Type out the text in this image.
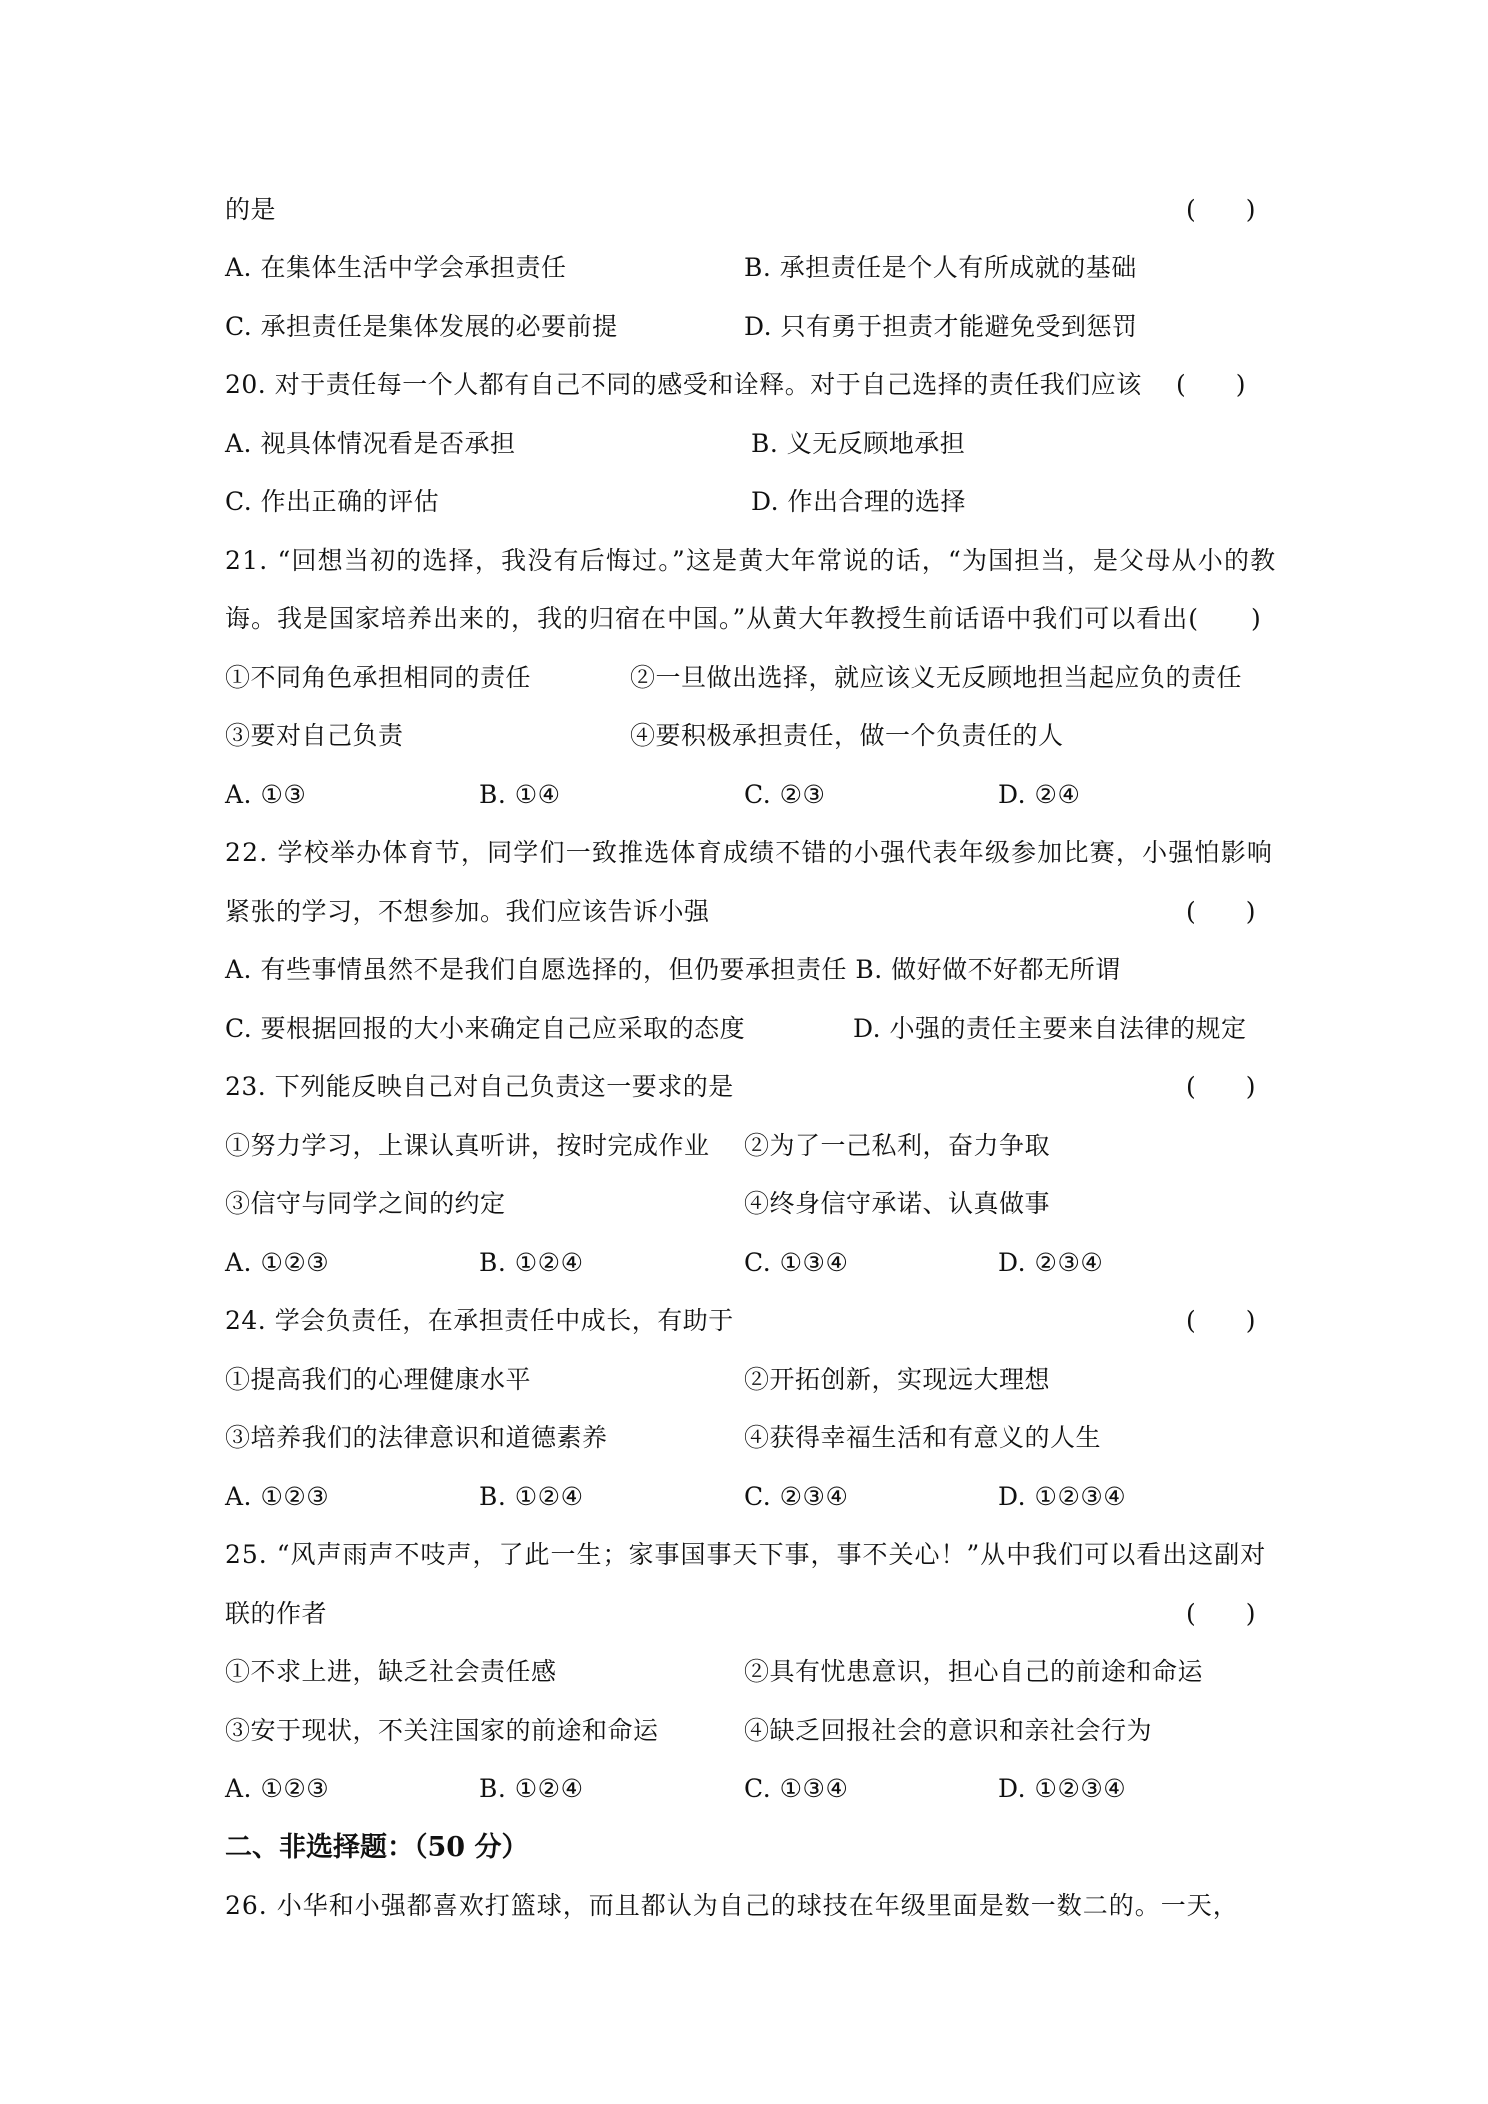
的是	(　　)
A. 在集体生活中学会承担责任	B. 承担责任是个人有所成就的基础
C. 承担责任是集体发展的必要前提	D. 只有勇于担责才能避免受到惩罚
20. 对于责任每一个人都有自己不同的感受和诠释。对于自己选择的责任我们应该 (　　)
A. 视具体情况看是否承担	B. 义无反顾地承担
C. 作出正确的评估	D. 作出合理的选择
21. “回想当初的选择，我没有后悔过。”这是黄大年常说的话，“为国担当，是父母从小的教
诲。我是国家培养出来的，我的归宿在中国。”从黄大年教授生前话语中我们可以看出(　　)
①不同角色承担相同的责任	②一旦做出选择，就应该义无反顾地担当起应负的责任
③要对自己负责	④要积极承担责任，做一个负责任的人
A. ①③	B. ①④	C. ②③	D. ②④
22. 学校举办体育节，同学们一致推选体育成绩不错的小强代表年级参加比赛，小强怕影响
紧张的学习，不想参加。我们应该告诉小强	(　　)
A. 有些事情虽然不是我们自愿选择的，但仍要承担责任 B. 做好做不好都无所谓
C. 要根据回报的大小来确定自己应采取的态度	D. 小强的责任主要来自法律的规定
23. 下列能反映自己对自己负责这一要求的是	(　　)
①努力学习，上课认真听讲，按时完成作业 ②为了一己私利，奋力争取
③信守与同学之间的约定	④终身信守承诺、认真做事
A. ①②③	B. ①②④	C. ①③④	D. ②③④
24. 学会负责任，在承担责任中成长，有助于	(　　)
①提高我们的心理健康水平	②开拓创新，实现远大理想
③培养我们的法律意识和道德素养	④获得幸福生活和有意义的人生
A. ①②③	B. ①②④	C. ②③④	D. ①②③④
25. “风声雨声不吱声，了此一生；家事国事天下事，事不关心！”从中我们可以看出这副对
联的作者	(　　)
①不求上进，缺乏社会责任感	②具有忧患意识，担心自己的前途和命运
③安于现状，不关注国家的前途和命运	④缺乏回报社会的意识和亲社会行为
A. ①②③	B. ①②④	C. ①③④	D. ①②③④
二、非选择题：（50 分）
26. 小华和小强都喜欢打篮球，而且都认为自己的球技在年级里面是数一数二的。一天，
